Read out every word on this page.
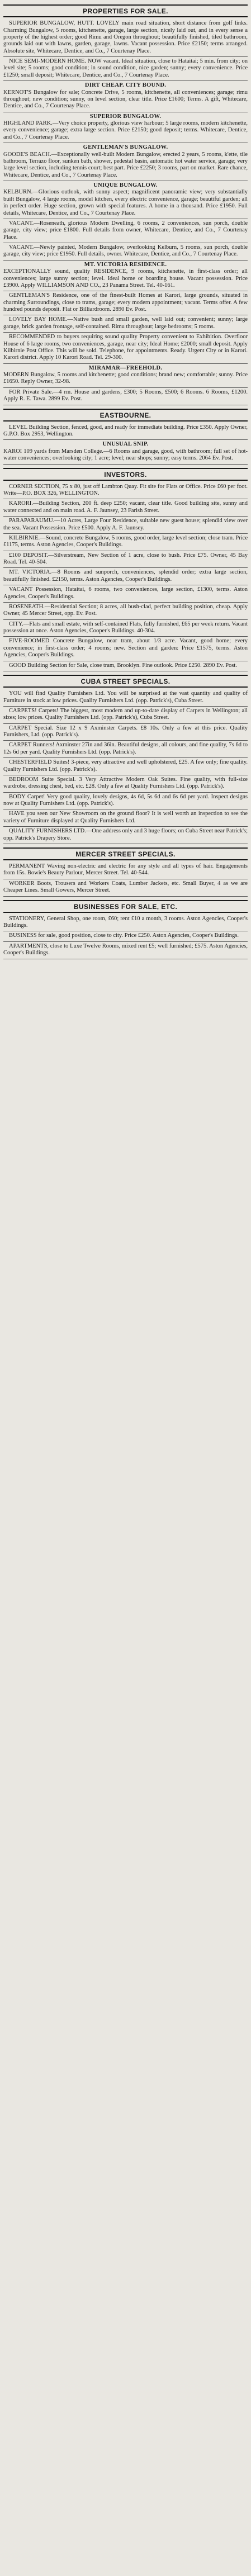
PROPERTIES FOR SALE.
SUPERIOR BUNGALOW, HUTT. LOVELY main road situation, short distance from golf links. Charming Bungalow, 5 rooms, kitchenette, garage, large section, nicely laid out, and in every sense a property of the highest order; good Rimu and Oregon throughout; beautifully finished, tiled bathroom, grounds laid out with lawns, garden, garage, lawns. Vacant possession. Price £2150; terms arranged. Absolute site, Whitecare, Dentice, and Co., 7 Courtenay Place.
NICE SEMI-MODERN HOME. NOW vacant. Ideal situation, close to Hataitai; 5 min. from city; on level site; 5 rooms; good condition; in sound condition, nice garden; sunny; every convenience. Price £1250; small deposit; Whitecare, Dentice, and Co., 7 Courtenay Place.
DIRT CHEAP. CITY BOUND.
KERNOT'S Bungalow for sale; Concrete Drive, 5 rooms, kitchenette, all conveniences; garage; rimu throughout; new condition; sunny, on level section, clear title. Price £1600; Terms. A gift, Whitecare, Dentice, and Co., 7 Courtenay Place.
SUPERIOR BUNGALOW.
HIGHLAND PARK.—Very choice property, glorious view harbour; 5 large rooms, modern kitchenette, every convenience; garage; extra large section. Price £2150; good deposit; terms. Whitecare, Dentice, and Co., 7 Courtenay Place.
GENTLEMAN'S BUNGALOW.
GOODE'S BEACH.—Exceptionally well-built Modern Bungalow, erected 2 years, 5 rooms, k'ette, tile bathroom, Terrazo floor, sunken bath, shower, pedestal basin, automatic hot water service, garage; very large level section, including tennis court; best part. Price £2250; 3 rooms, part on market. Rare chance, Whitecare, Dentice, and Co., 7 Courtenay Place.
UNIQUE BUNGALOW.
KELBURN.—Glorious outlook, with sunny aspect; magnificent panoramic view; very substantially built Bungalow, 4 large rooms, model kitchen, every electric convenience, garage; beautiful garden; all in perfect order. Huge section, grown with special features. A home in a thousand. Price £1950. Full details, Whitecare, Dentice, and Co., 7 Courtenay Place.
VACANT.—Roseneath, glorious Modern Dwelling, 6 rooms, 2 conveniences, sun porch, double garage, city view; price £1800. Full details from owner, Whitecare, Dentice, and Co., 7 Courtenay Place.
VACANT.—Newly painted, Modern Bungalow, overlooking Kelburn, 5 rooms, sun porch, double garage, city view; price £1950. Full details, owner. Whitecare, Dentice, and Co., 7 Courtenay Place.
MT. VICTORIA RESIDENCE.
EXCEPTIONALLY sound, quality RESIDENCE, 9 rooms, kitchenette, in first-class order; all conveniences; large sunny section; level. Ideal home or boarding house. Vacant possession. Price £3900. Apply WILLIAMSON AND CO., 23 Panama Street. Tel. 40-161.
GENTLEMAN'S Residence, one of the finest-built Homes at Karori, large grounds, situated in charming Surroundings, close to trams, garage; every modern appointment; vacant. Terms offer. A few hundred pounds deposit. Flat or Billiardroom. 2890 Ev. Post.
LOVELY BAY HOME.—Native bush and small garden, well laid out; convenient; sunny; large garage, brick garden frontage, self-contained. Rimu throughout; large bedrooms; 5 rooms.
RECOMMENDED to buyers requiring sound quality Property convenient to Exhibition. Overfloor House of 6 large rooms, two conveniences, garage, near city; Ideal Home; £2000; small deposit. Apply Kilbirnie Post Office. This will be sold. Telephone, for appointments. Ready. Urgent City or in Karori. Karori district. Apply 10 Karori Road. Tel. 29-300.
MIRAMAR—FREEHOLD.
MODERN Bungalow, 5 rooms and kitchenette; good conditions; brand new; comfortable; sunny. Price £1650. Reply Owner, 32-98.
FOR Private Sale.—4 rm. House and gardens, £300; 5 Rooms, £500; 6 Rooms. 6 Rooms, £1200. Apply R. E. Tawa. 2899 Ev. Post.
EASTBOURNE.
LEVEL Building Section, fenced, good, and ready for immediate building. Price £350. Apply Owner, G.P.O. Box 2953, Wellington.
UNUSUAL SNIP.
KAROI 109 yards from Marsden College.—6 Rooms and garage, good, with bathroom; full set of hot-water conveniences; overlooking city; 1 acre; level; near shops; sunny; easy terms. 2064 Ev. Post.
INVESTORS.
CORNER SECTION, 75 x 80, just off Lambton Quay. Fit site for Flats or Office. Price £60 per foot. Write—P.O. BOX 326, WELLINGTON.
KARORI.—Building Section, 200 ft. deep £250; vacant, clear title. Good building site, sunny and water connected and on main road. A. F. Jaunsey, 23 Farish Street.
PARAPARAUMU.—10 Acres, Large Four Residence, suitable new guest house; splendid view over the sea. Vacant Possession. Price £500. Apply A. F. Jaunsey.
KILBIRNIE.—Sound, concrete Bungalow, 5 rooms, good order, large level section; close tram. Price £1175, terms. Aston Agencies, Cooper's Buildings.
£100 DEPOSIT.—Silverstream, New Section of 1 acre, close to bush. Price £75. Owner, 45 Bay Road. Tel. 40-504.
MT. VICTORIA.—8 Rooms and sunporch, conveniences, splendid order; extra large section, beautifully finished. £2150, terms. Aston Agencies, Cooper's Buildings.
VACANT Possession, Hataitai, 6 rooms, two conveniences, large section, £1300, terms. Aston Agencies, Cooper's Buildings.
ROSENEATH.—Residential Section; 8 acres, all bush-clad, perfect building position, cheap. Apply Owner, 45 Mercer Street, opp. Ev. Post.
CITY.—Flats and small estate, with self-contained Flats, fully furnished, £65 per week return. Vacant possession at once. Aston Agencies, Cooper's Buildings. 40-304.
FIVE-ROOMED Concrete Bungalow, near tram, about 1/3 acre. Vacant, good home; every convenience; in first-class order; 4 rooms; new. Section and garden: Price £1575, terms. Aston Agencies, Cooper's Buildings.
GOOD Building Section for Sale, close tram, Brooklyn. Fine outlook. Price £250. 2890 Ev. Post.
CUBA STREET SPECIALS.
YOU will find Quality Furnishers Ltd. You will be surprised at the vast quantity and quality of Furniture in stock at low prices. Quality Furnishers Ltd. (opp. Patrick's), Cuba Street.
CARPETS! Carpets! The biggest, most modern and up-to-date display of Carpets in Wellington; all sizes; low prices. Quality Furnishers Ltd. (opp. Patrick's), Cuba Street.
CARPET Special. Size 12 x 9 Axminster Carpets. £8 10s. Only a few at this price. Quality Furnishers, Ltd. (opp. Patrick's).
CARPET Runners! Axminster 27in and 36in. Beautiful designs, all colours, and fine quality, 7s 6d to 12s 6d per yard. Quality Furnishers Ltd. (opp. Patrick's).
CHESTERFIELD Suites! 3-piece, very attractive and well upholstered, £25. A few only; fine quality. Quality Furnishers Ltd. (opp. Patrick's).
BEDROOM Suite Special. 3 Very Attractive Modern Oak Suites. Fine quality, with full-size wardrobe, dressing chest, bed, etc. £28. Only a few at Quality Furnishers Ltd. (opp. Patrick's).
BODY Carpet! Very good quality, lovely designs, 4s 6d, 5s 6d and 6s 6d per yard. Inspect designs now at Quality Furnishers Ltd. (opp. Patrick's).
HAVE you seen our New Showroom on the ground floor? It is well worth an inspection to see the variety of Furniture displayed at Quality Furnishers Ltd.
QUALITY FURNISHERS LTD.—One address only and 3 huge floors; on Cuba Street near Patrick's; opp. Patrick's Drapery Store.
MERCER STREET SPECIALS.
PERMANENT Waving non-electric and electric for any style and all types of hair. Engagements from 15s. Bowie's Beauty Parlour, Mercer Street. Tel. 40-544.
WORKER Boots, Trousers and Workers Coats, Lumber Jackets, etc. Small Buyer, 4 as we are Cheaper Lines. Small Gowers, Mercer Street.
BUSINESSES FOR SALE, ETC.
STATIONERY, General Shop, one room, £60; rent £10 a month, 3 rooms. Aston Agencies, Cooper's Buildings.
BUSINESS for sale, good position, close to city. Price £250. Aston Agencies, Cooper's Buildings.
APARTMENTS, close to Luxe Twelve Rooms, mixed rent £5; well furnished; £575. Aston Agencies, Cooper's Buildings.
